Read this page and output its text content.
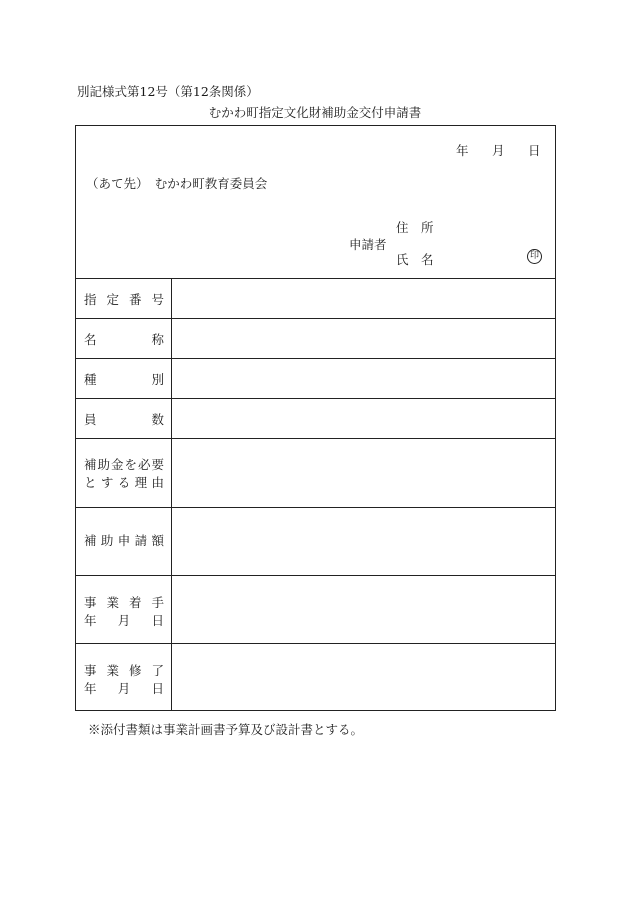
別記様式第12号（第12条関係）
むかわ町指定文化財補助金交付申請書
年 月 日
（あて先）　むかわ町教育委員会
申請者
住　所
氏　名	印
指定番号
名称
種別
員数
補助金を必要
とする理由
補助申請額
事業着手
年月日
事業修了
年月日
※添付書類は事業計画書予算及び設計書とする。
